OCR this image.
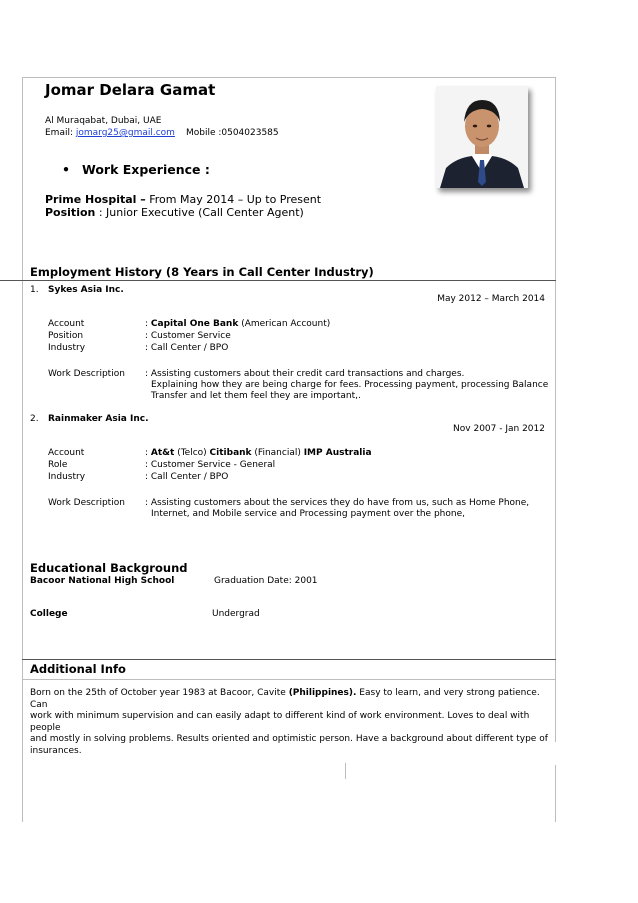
Jomar Delara Gamat
Al Muraqabat, Dubai, UAE
Email: jomarg25@gmail.com Mobile :0504023585
• Work Experience :
Prime Hospital – From May 2014 – Up to Present
Position : Junior Executive (Call Center Agent)
Employment History (8 Years in Call Center Industry)
1. Sykes Asia Inc.
May 2012 – March 2014
Account	: Capital One Bank (American Account)
Position	: Customer Service
Industry	: Call Center / BPO
Work Description : Assisting customers about their credit card transactions and charges.
Explaining how they are being charge for fees. Processing payment, processing Balance
Transfer and let them feel they are important,.
2. Rainmaker Asia Inc.
Nov 2007 - Jan 2012
Account	: At&t (Telco) Citibank (Financial) IMP Australia
Role	: Customer Service - General
Industry	: Call Center / BPO
Work Description : Assisting customers about the services they do have from us, such as Home Phone,
Internet, and Mobile service and Processing payment over the phone,
Educational Background
Bacoor National High School	Graduation Date: 2001
College	Undergrad
Additional Info
Born on the 25th of October year 1983 at Bacoor, Cavite (Philippines). Easy to learn, and very strong patience. Can
work with minimum supervision and can easily adapt to different kind of work environment. Loves to deal with people
and mostly in solving problems. Results oriented and optimistic person. Have a background about different type of
insurances.
